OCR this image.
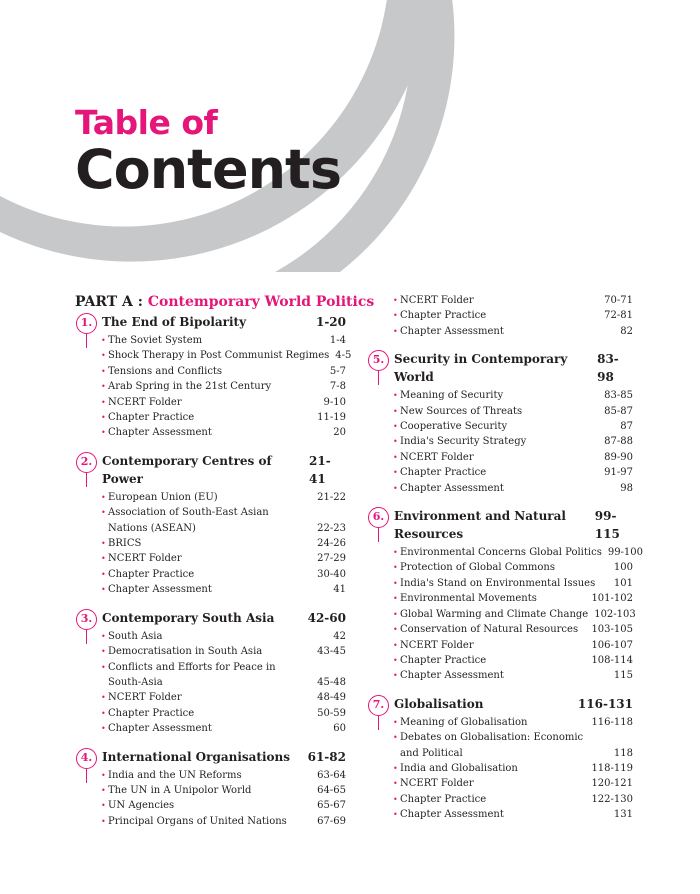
Table of
Contents
PART A : Contemporary World Politics
1. The End of Bipolarity	1-20
• The Soviet System	1-4
• Shock Therapy in Post Communist Regimes 4-5
• Tensions and Conflicts	5-7
• Arab Spring in the 21st Century	7-8
• NCERT Folder	9-10
• Chapter Practice	11-19
• Chapter Assessment	20
2. Contemporary Centres of Power
21-41
• European Union (EU)	21-22
• Association of South-East Asian Nations (ASEAN)	22-23
• BRICS	24-26
• NCERT Folder	27-29
• Chapter Practice	30-40
• Chapter Assessment	41
3. Contemporary South Asia	42-60
• South Asia	42
• Democratisation in South Asia	43-45
• Conflicts and Efforts for Peace in South-Asia	45-48
• NCERT Folder	48-49
• Chapter Practice	50-59
• Chapter Assessment	60
4. International Organisations 61-82
• India and the UN Reforms	63-64
• The UN in A Unipolor World	64-65
• UN Agencies	65-67
• Principal Organs of United Nations	67-69
• NCERT Folder	70-71
• Chapter Practice	72-81
• Chapter Assessment	82
5. Security in Contemporary World
83-98
• Meaning of Security	83-85
• New Sources of Threats	85-87
• Cooperative Security	87
• India's Security Strategy	87-88
• NCERT Folder	89-90
• Chapter Practice	91-97
• Chapter Assessment	98
6. Environment and Natural Resources
99-115
• Environmental Concerns Global Politics 99-100
• Protection of Global Commons	100
• India's Stand on Environmental Issues	101
• Environmental Movements	101-102
• Global Warming and Climate Change 102-103
• Conservation of Natural Resources	103-105
• NCERT Folder	106-107
• Chapter Practice	108-114
• Chapter Assessment	115
7. Globalisation	116-131
• Meaning of Globalisation	116-118
• Debates on Globalisation: Economic and Political	118
• India and Globalisation	118-119
• NCERT Folder	120-121
• Chapter Practice	122-130
• Chapter Assessment	131
